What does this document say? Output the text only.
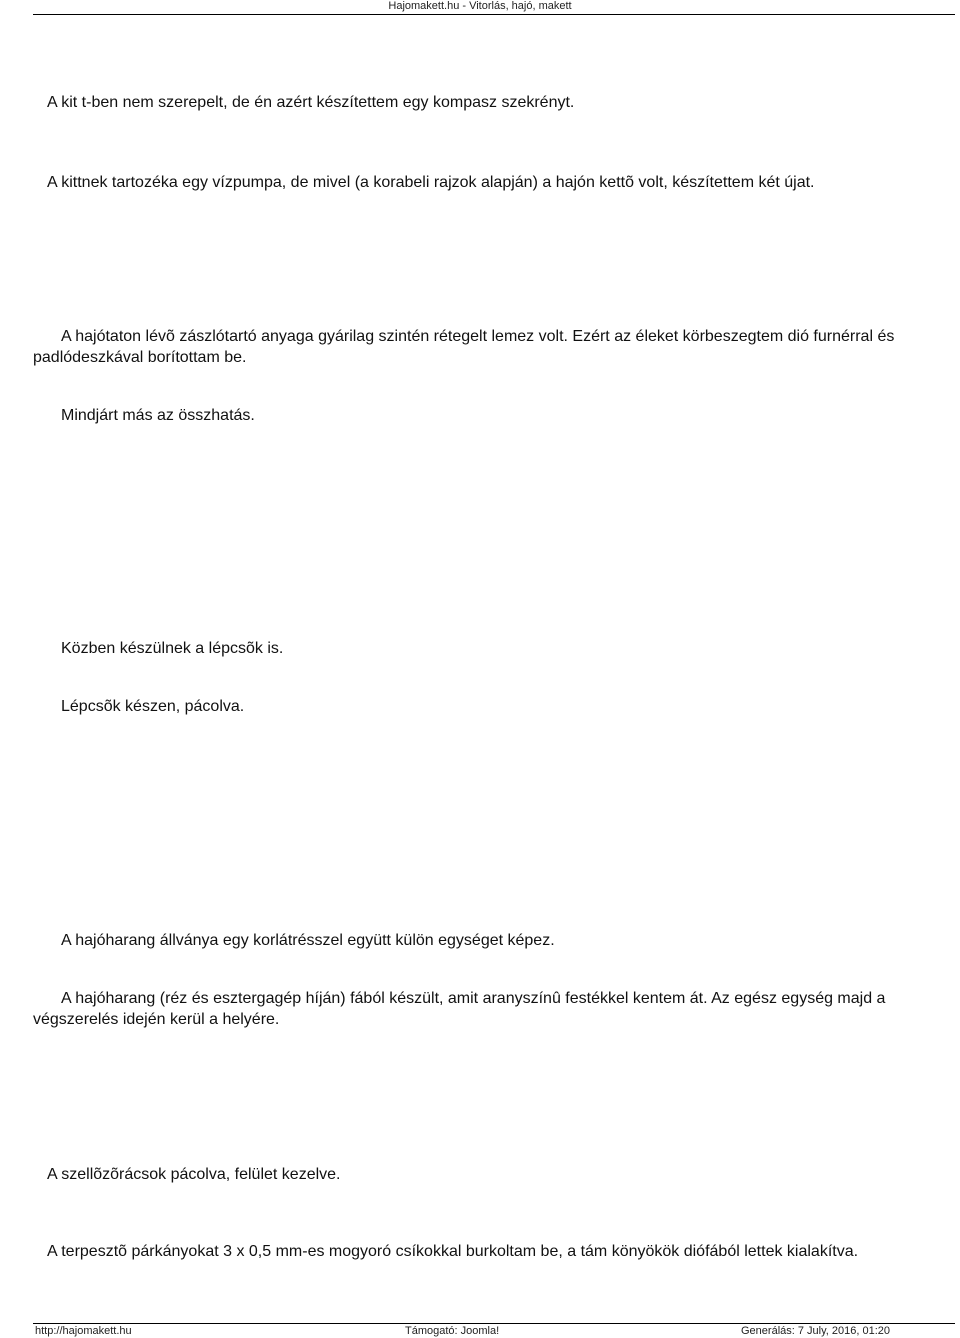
Hajomakett.hu - Vitorlás, hajó, makett

A kit t-ben nem szerepelt, de én azért készítettem egy kompasz szekrényt.

A kittnek tartozéka egy vízpumpa, de mivel (a korabeli rajzok alapján) a hajón kettõ volt, készítettem két újat.

A hajótaton lévõ zászlótartó anyaga gyárilag szintén rétegelt lemez volt. Ezért az éleket körbeszegtem dió furnérral és padlódeszkával borítottam be.

Mindjárt más az összhatás.

Közben készülnek a lépcsõk is.

Lépcsõk készen, pácolva.

A hajóharang állványa egy korlátrésszel együtt külön egységet képez.

A hajóharang (réz és esztergagép híján) fából készült, amit aranyszínû festékkel kentem át. Az egész egység majd a végszerelés idején kerül a helyére.

A szellõzõrácsok pácolva, felület kezelve.

A terpesztõ párkányokat 3 x 0,5 mm-es mogyoró csíkokkal burkoltam be, a tám könyökök diófából lettek kialakítva.

http://hajomakett.hu	Támogató: Joomla!	Generálás: 7 July, 2016, 01:20
